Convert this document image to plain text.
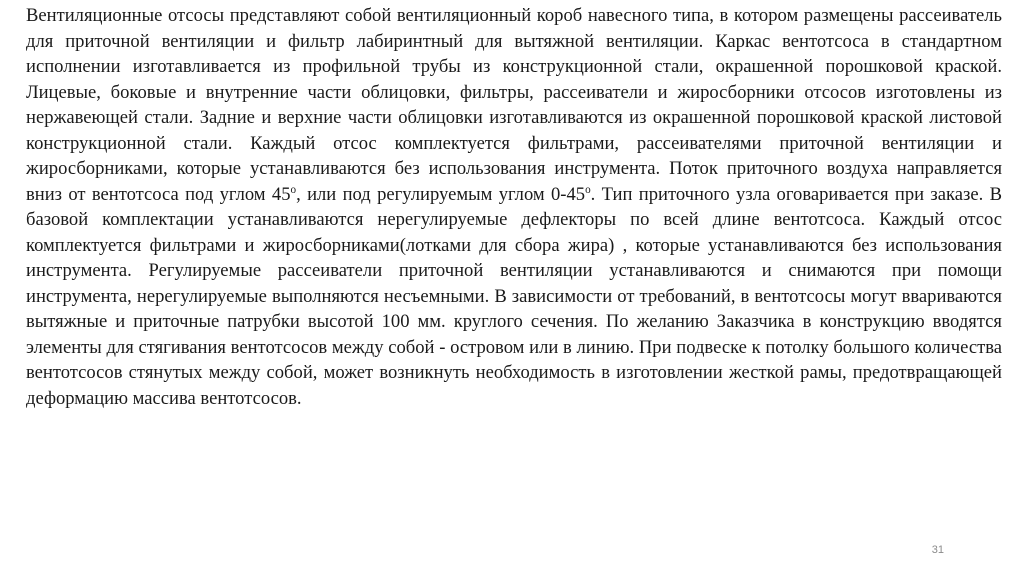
Вентиляционные отсосы представляют собой вентиляционный короб навесного типа, в котором размещены рассеиватель для приточной вентиляции и фильтр лабиринтный для вытяжной вентиляции. Каркас вентотсоса в стандартном исполнении изготавливается из профильной трубы из конструкционной стали, окрашенной порошковой краской. Лицевые, боковые и внутренние части облицовки, фильтры, рассеиватели и жиросборники отсосов изготовлены из нержавеющей стали. Задние и верхние части облицовки изготавливаются из окрашенной порошковой краской листовой конструкционной стали. Каждый отсос комплектуется фильтрами, рассеивателями приточной вентиляции и жиросборниками, которые устанавливаются без использования инструмента. Поток приточного воздуха направляется вниз от вентотсоса под углом $45^о$, или под регулируемым углом $0-45^о$. Тип приточного узла оговаривается при заказе. В базовой комплектации устанавливаются нерегулируемые дефлекторы по всей длине вентотсоса. Каждый отсос комплектуется фильтрами и жиросборниками(лотками для сбора жира) , которые устанавливаются без использования инструмента. Регулируемые рассеиватели приточной вентиляции устанавливаются и снимаются при помощи инструмента, нерегулируемые выполняются несъемными. В зависимости от требований, в вентотсосы могут ввариваются вытяжные и приточные патрубки высотой 100 мм. круглого сечения. По желанию Заказчика в конструкцию вводятся элементы для стягивания вентотсосов между собой - островом или в линию. При подвеске к потолку большого количества вентотсосов стянутых между собой, может возникнуть необходимость в изготовлении жесткой рамы, предотвращающей деформацию массива вентотсосов.

31
